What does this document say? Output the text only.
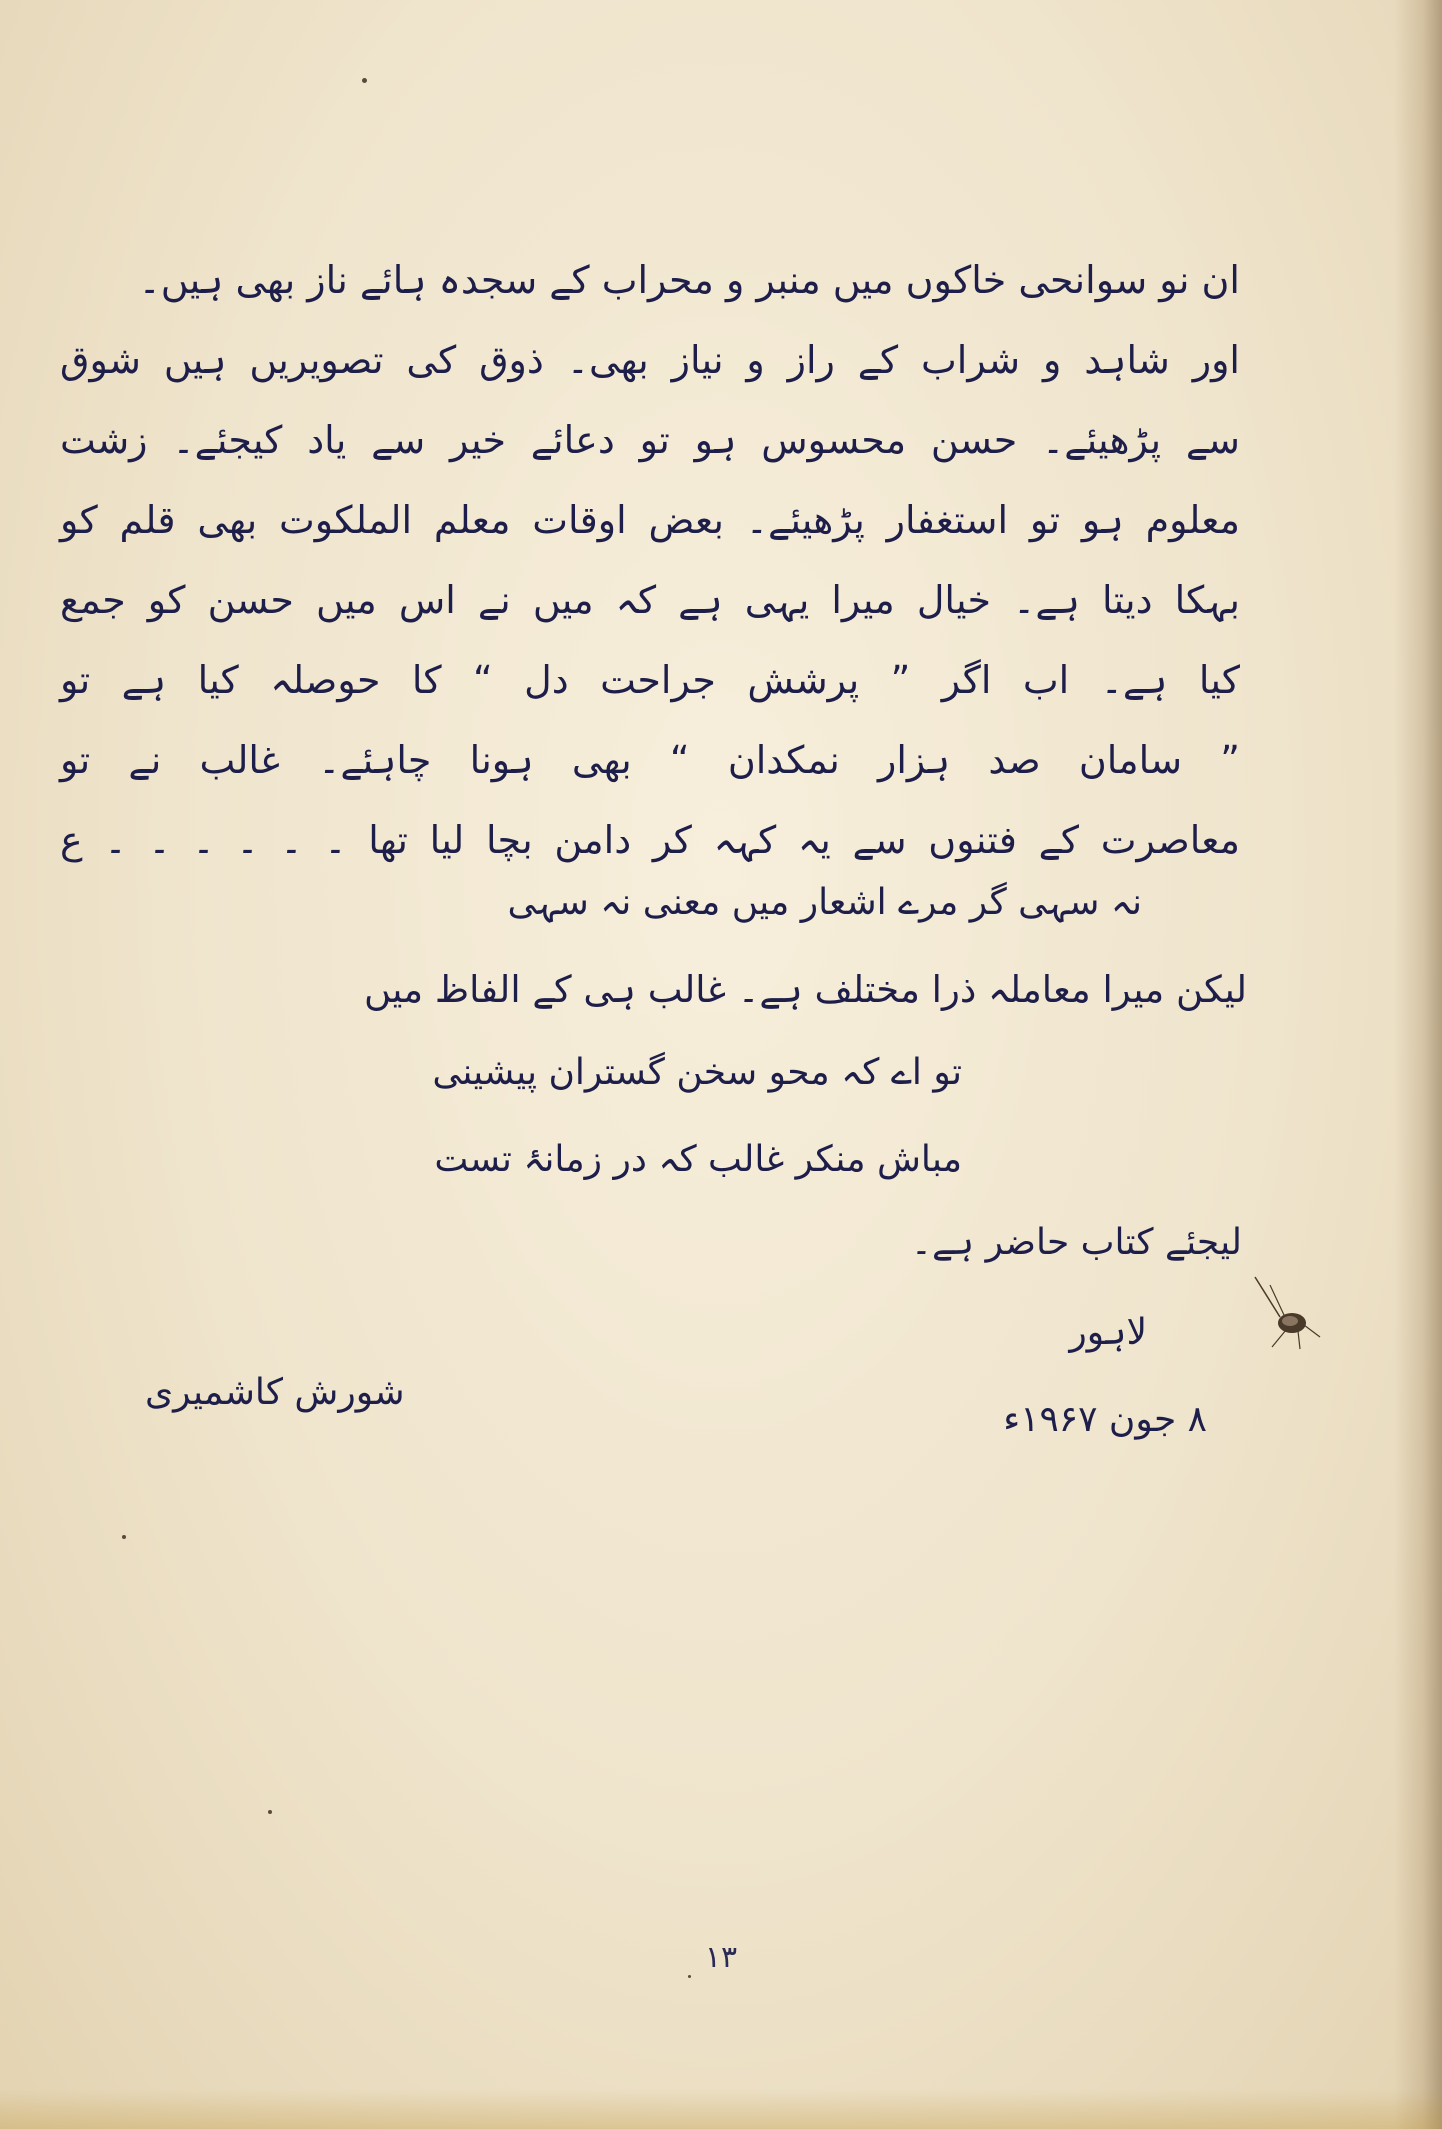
ان نو سوانحی خاکوں میں منبر و محراب کے سجدہ ہائے ناز بھی ہیں۔
اور شاہد و شراب کے راز و نیاز بھی۔ ذوق کی تصویریں ہیں شوق
سے پڑھیئے۔ حسن محسوس ہو تو دعائے خیر سے یاد کیجئے۔ زشت
معلوم ہو تو استغفار پڑھیئے۔ بعض اوقات معلم الملکوت بھی قلم کو
بہکا دیتا ہے۔ خیال میرا یہی ہے کہ میں نے اس میں حسن کو جمع
کیا ہے۔ اب اگر ” پرشش جراحت دل “ کا حوصلہ کیا ہے تو
” سامان صد ہزار نمکدان “ بھی ہونا چاہئے۔ غالب نے تو
معاصرت کے فتنوں سے یہ کہہ کر دامن بچا لیا تھا ۔ ۔ ۔ ۔ ۔ ۔ ع
نہ سہی گر مرے اشعار میں معنی نہ سہی
لیکن میرا معاملہ ذرا مختلف ہے۔ غالب ہی کے الفاظ میں
تو اے کہ محو سخن گستران پیشینی
مباش منکر غالب کہ در زمانۂ تست
لیجئے کتاب حاضر ہے۔
لاہور
۸ جون ۱۹۶۷ء
شورش کاشمیری
۱۳
